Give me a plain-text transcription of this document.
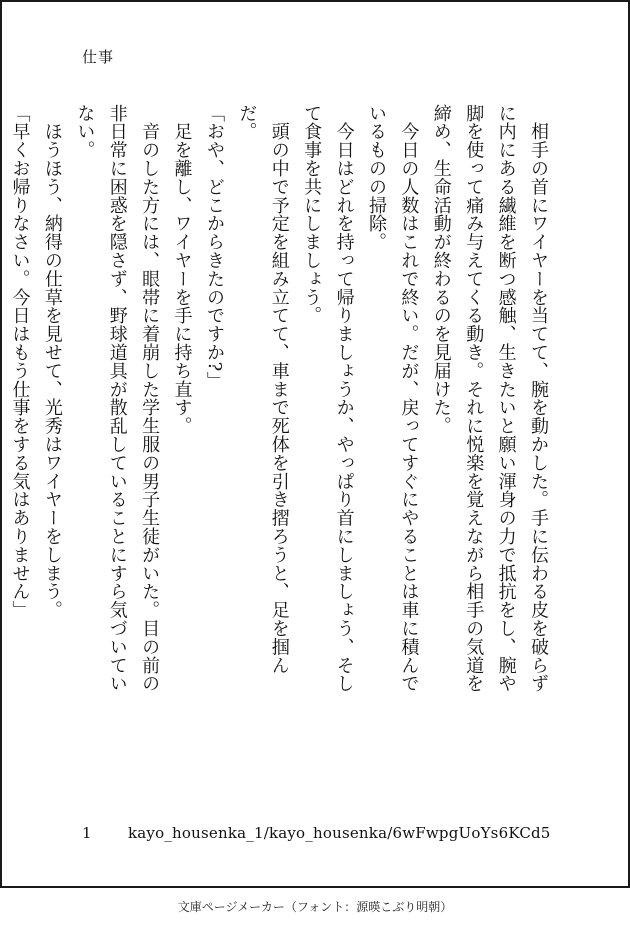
仕事

　相手の首にワイヤーを当てて、腕を動かした。手に伝わる皮を破らずに内にある繊維を断つ感触、生きたいと願い渾身の力で抵抗をし、腕や脚を使って痛み与えてくる動き。それに悦楽を覚えながら相手の気道を締め、生命活動が終わるのを見届けた。

　今日の人数はこれで終い。だが、戻ってすぐにやることは車に積んでいるものの掃除。

　今日はどれを持って帰りましょうか、やっぱり首にしましょう、そして食事を共にしましょう。

　頭の中で予定を組み立てて、車まで死体を引き摺ろうと、足を掴んだ。

「おや、どこからきたのですか?」

　足を離し、ワイヤーを手に持ち直す。

　音のした方には、眼帯に着崩した学生服の男子生徒がいた。目の前の非日常に困惑を隠さず、野球道具が散乱していることにすら気づいていない。

　ほうほう、納得の仕草を見せて、光秀はワイヤーをしまう。

「早くお帰りなさい。今日はもう仕事をする気はありません」

1 kayo_housenka_1/kayo_housenka/6wFwpgUoYs6KCd5
文庫ページメーカー（フォント：源暎こぶり明朝）
